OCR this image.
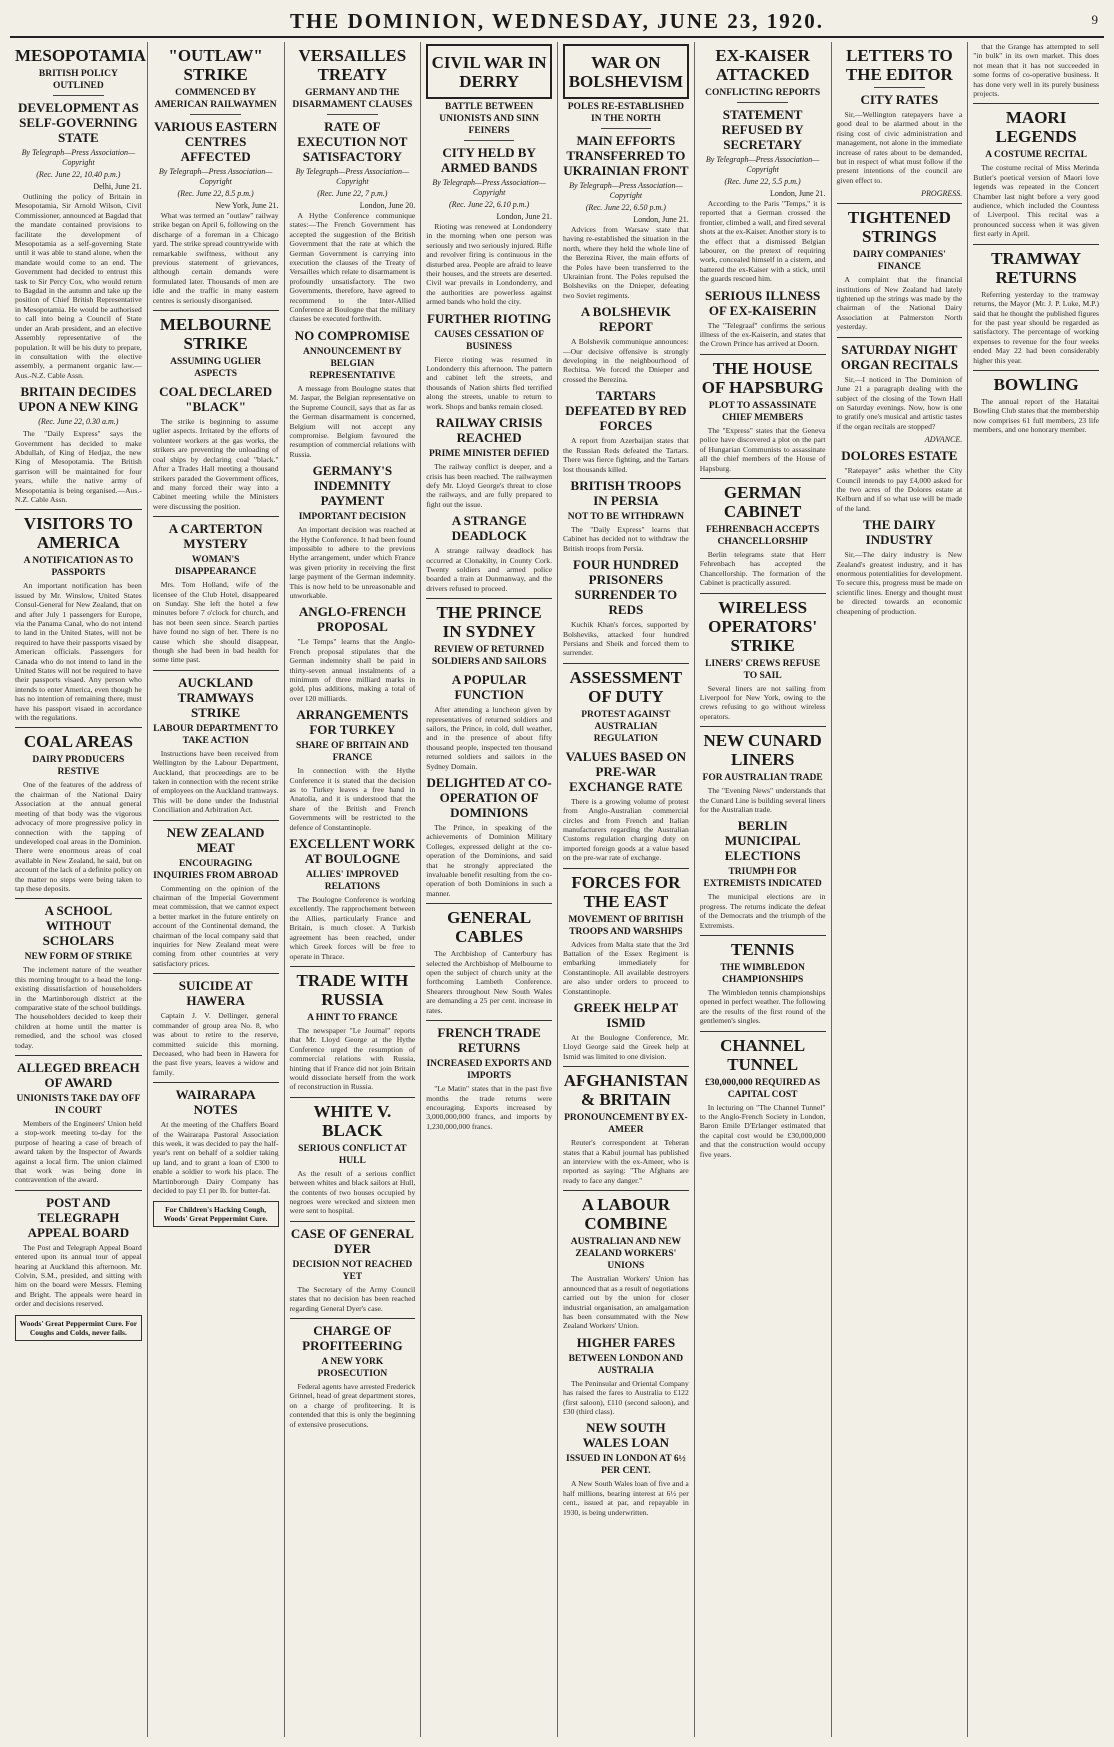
THE DOMINION, WEDNESDAY, JUNE 23, 1920.	9
MESOPOTAMIA
BRITISH POLICY OUTLINED
DEVELOPMENT AS SELF-GOVERNING STATE
By Telegraph—Press Association—Copyright
(Rec. June 22, 10.40 p.m.)
Delhi, June 21.
Outlining the policy of Britain in Mesopotamia, Sir Arnold Wilson, Civil Commissioner, announced at Bagdad that the mandate contained provisions to facilitate the development of Mesopotamia as a self-governing State until it was able to stand alone, when the mandate would come to an end. The Government had decided to entrust this task to Sir Percy Cox, who would return to Bagdad in the autumn and take up the position of Chief British Representative in Mesopotamia. He would be authorised to call into being a Council of State under an Arab president, and an elective Assembly representative of the population. It will be his duty to prepare, in consultation with the elective assembly, a permanent organic law.—Aus.-N.Z. Cable Assn.
BRITAIN DECIDES UPON A NEW KING
(Rec. June 22, 0.30 a.m.)
The "Daily Express" says the Government has decided to make Abdullah, of King of Hedjaz, the new King of Mesopotamia. The British garrison will be maintained for four years, while the native army of Mesopotamia is being organised.—Aus.-N.Z. Cable Assn.
VISITORS TO AMERICA
A NOTIFICATION AS TO PASSPORTS
An important notification has been issued by Mr. Winslow, United States Consul-General for New Zealand, that on and after July 1 passengers for Europe, via the Panama Canal, who do not intend to land in the United States, will not be required to have their passports visaed by American officials. Passengers for Canada who do not intend to land in the United States will not be required to have their passports visaed. Any person who intends to enter America, even though he has no intention of remaining there, must have his passport visaed in accordance with the regulations.
COAL AREAS
DAIRY PRODUCERS RESTIVE
One of the features of the address of the chairman of the National Dairy Association at the annual general meeting of that body was the vigorous advocacy of more progressive policy in connection with the tapping of undeveloped coal areas in the Dominion. There were enormous areas of coal available in New Zealand, he said, but on account of the lack of a definite policy on the matter no steps were being taken to tap these deposits.
A SCHOOL WITHOUT SCHOLARS
NEW FORM OF STRIKE
The inclement nature of the weather this morning brought to a head the long-existing dissatisfaction of householders in the Martinborough district at the comparative state of the school buildings. The householders decided to keep their children at home until the matter is remedied, and the school was closed today.
ALLEGED BREACH OF AWARD
UNIONISTS TAKE DAY OFF IN COURT
Members of the Engineers' Union held a stop-work meeting to-day for the purpose of hearing a case of breach of award taken by the Inspector of Awards against a local firm. The union claimed that work was being done in contravention of the award.
POST AND TELEGRAPH APPEAL BOARD
The Post and Telegraph Appeal Board entered upon its annual tour of appeal hearing at Auckland this afternoon. Mr. Colvin, S.M., presided, and sitting with him on the board were Messrs. Fleming and Bright. The appeals were heard in order and decisions reserved.
Woods' Great Peppermint Cure. For Coughs and Colds, never fails.
"OUTLAW" STRIKE
COMMENCED BY AMERICAN RAILWAYMEN
VARIOUS EASTERN CENTRES AFFECTED
By Telegraph—Press Association—Copyright
(Rec. June 22, 8.5 p.m.)
New York, June 21.
What was termed an "outlaw" railway strike began on April 6, following on the discharge of a foreman in a Chicago yard. The strike spread countrywide with remarkable swiftness, without any previous statement of grievances, although certain demands were formulated later. Thousands of men are idle and the traffic in many eastern centres is seriously disorganised.
MELBOURNE STRIKE
ASSUMING UGLIER ASPECTS
COAL DECLARED "BLACK"
The strike is beginning to assume uglier aspects. Irritated by the efforts of volunteer workers at the gas works, the strikers are preventing the unloading of coal ships by declaring coal "black." After a Trades Hall meeting a thousand strikers paraded the Government offices, and many forced their way into a Cabinet meeting while the Ministers were discussing the position.
A CARTERTON MYSTERY
WOMAN'S DISAPPEARANCE
Mrs. Tom Holland, wife of the licensee of the Club Hotel, disappeared on Sunday. She left the hotel a few minutes before 7 o'clock for church, and has not been seen since. Search parties have found no sign of her. There is no cause which she should disappear, though she had been in bad health for some time past.
AUCKLAND TRAMWAYS STRIKE
LABOUR DEPARTMENT TO TAKE ACTION
Instructions have been received from Wellington by the Labour Department, Auckland, that proceedings are to be taken in connection with the recent strike of employees on the Auckland tramways. This will be done under the Industrial Conciliation and Arbitration Act.
NEW ZEALAND MEAT
ENCOURAGING INQUIRIES FROM ABROAD
Commenting on the opinion of the chairman of the Imperial Government meat commission, that we cannot expect a better market in the future entirely on account of the Continental demand, the chairman of the local company said that inquiries for New Zealand meat were coming from other countries at very satisfactory prices.
SUICIDE AT HAWERA
Captain J. V. Dellinger, general commander of group area No. 8, who was about to retire to the reserve, committed suicide this morning. Deceased, who had been in Hawera for the past five years, leaves a widow and family.
WAIRARAPA NOTES
At the meeting of the Chaffers Board of the Wairarapa Pastoral Association this week, it was decided to pay the half-year's rent on behalf of a soldier taking up land, and to grant a loan of £300 to enable a soldier to work his place. The Martinborough Dairy Company has decided to pay £1 per lb. for butter-fat.
For Children's Hacking Cough, Woods' Great Peppermint Cure.
VERSAILLES TREATY
GERMANY AND THE DISARMAMENT CLAUSES
RATE OF EXECUTION NOT SATISFACTORY
By Telegraph—Press Association—Copyright
(Rec. June 22, 7 p.m.)
London, June 20.
A Hythe Conference communique states:—The French Government has accepted the suggestion of the British Government that the rate at which the German Government is carrying into execution the clauses of the Treaty of Versailles which relate to disarmament is profoundly unsatisfactory. The two Governments, therefore, have agreed to recommend to the Inter-Allied Conference at Boulogne that the military clauses be executed forthwith.
NO COMPROMISE
ANNOUNCEMENT BY BELGIAN REPRESENTATIVE
A message from Boulogne states that M. Jaspar, the Belgian representative on the Supreme Council, says that as far as the German disarmament is concerned, Belgium will not accept any compromise. Belgium favoured the resumption of commercial relations with Russia.
GERMANY'S INDEMNITY PAYMENT
IMPORTANT DECISION
An important decision was reached at the Hythe Conference. It had been found impossible to adhere to the previous Hythe arrangement, under which France was given priority in receiving the first large payment of the German indemnity. This is now held to be unreasonable and unworkable.
ANGLO-FRENCH PROPOSAL
"Le Temps" learns that the Anglo-French proposal stipulates that the German indemnity shall be paid in thirty-seven annual instalments of a minimum of three milliard marks in gold, plus additions, making a total of over 120 milliards.
ARRANGEMENTS FOR TURKEY
SHARE OF BRITAIN AND FRANCE
In connection with the Hythe Conference it is stated that the decision as to Turkey leaves a free hand in Anatolia, and it is understood that the share of the British and French Governments will be restricted to the defence of Constantinople.
EXCELLENT WORK AT BOULOGNE
ALLIES' IMPROVED RELATIONS
The Boulogne Conference is working excellently. The rapprochement between the Allies, particularly France and Britain, is much closer. A Turkish agreement has been reached, under which Greek forces will be free to operate in Thrace.
TRADE WITH RUSSIA
A HINT TO FRANCE
The newspaper "Le Journal" reports that Mr. Lloyd George at the Hythe Conference urged the resumption of commercial relations with Russia, hinting that if France did not join Britain would dissociate herself from the work of reconstruction in Russia.
WHITE V. BLACK
SERIOUS CONFLICT AT HULL
As the result of a serious conflict between whites and black sailors at Hull, the contents of two houses occupied by negroes were wrecked and sixteen men were sent to hospital.
CASE OF GENERAL DYER
DECISION NOT REACHED YET
The Secretary of the Army Council states that no decision has been reached regarding General Dyer's case.
CHARGE OF PROFITEERING
A NEW YORK PROSECUTION
Federal agents have arrested Frederick Grinnel, head of great department stores, on a charge of profiteering. It is contended that this is only the beginning of extensive prosecutions.
CIVIL WAR IN DERRY
BATTLE BETWEEN UNIONISTS AND SINN FEINERS
CITY HELD BY ARMED BANDS
By Telegraph—Press Association—Copyright
(Rec. June 22, 6.10 p.m.)
London, June 21.
Rioting was renewed at Londonderry in the morning when one person was seriously and two seriously injured. Rifle and revolver firing is continuous in the disturbed area. People are afraid to leave their houses, and the streets are deserted. Civil war prevails in Londonderry, and the authorities are powerless against armed bands who hold the city.
FURTHER RIOTING
CAUSES CESSATION OF BUSINESS
Fierce rioting was resumed in Londonderry this afternoon. The pattern and cabinet left the streets, and thousands of Nation shirts fled terrified along the streets, unable to return to work. Shops and banks remain closed.
RAILWAY CRISIS REACHED
PRIME MINISTER DEFIED
The railway conflict is deeper, and a crisis has been reached. The railwaymen defy Mr. Lloyd George's threat to close the railways, and are fully prepared to fight out the issue.
A STRANGE DEADLOCK
A strange railway deadlock has occurred at Clonakilty, in County Cork. Twenty soldiers and armed police boarded a train at Dunmanway, and the drivers refused to proceed.
THE PRINCE IN SYDNEY
REVIEW OF RETURNED SOLDIERS AND SAILORS
A POPULAR FUNCTION
After attending a luncheon given by representatives of returned soldiers and sailors, the Prince, in cold, dull weather, and in the presence of about fifty thousand people, inspected ten thousand returned soldiers and sailors in the Sydney Domain.
DELIGHTED AT CO-OPERATION OF DOMINIONS
The Prince, in speaking of the achievements of Dominion Military Colleges, expressed delight at the co-operation of the Dominions, and said that he strongly appreciated the invaluable benefit resulting from the co-operation of both Dominions in such a manner.
GENERAL CABLES
The Archbishop of Canterbury has selected the Archbishop of Melbourne to open the subject of church unity at the forthcoming Lambeth Conference. Shearers throughout New South Wales are demanding a 25 per cent. increase in rates.
FRENCH TRADE RETURNS
INCREASED EXPORTS AND IMPORTS
"Le Matin" states that in the past five months the trade returns were encouraging. Exports increased by 3,000,000,000 francs, and imports by 1,230,000,000 francs.
WAR ON BOLSHEVISM
POLES RE-ESTABLISHED IN THE NORTH
MAIN EFFORTS TRANSFERRED TO UKRAINIAN FRONT
By Telegraph—Press Association—Copyright
(Rec. June 22, 6.50 p.m.)
London, June 21.
Advices from Warsaw state that having re-established the situation in the north, where they held the whole line of the Berezina River, the main efforts of the Poles have been transferred to the Ukrainian front. The Poles repulsed the Bolsheviks on the Dnieper, defeating two Soviet regiments.
A BOLSHEVIK REPORT
A Bolshevik communique announces:—Our decisive offensive is strongly developing in the neighbourhood of Rechitsa. We forced the Dnieper and crossed the Berezina.
TARTARS DEFEATED BY RED FORCES
A report from Azerbaijan states that the Russian Reds defeated the Tartars. There was fierce fighting, and the Tartars lost thousands killed.
BRITISH TROOPS IN PERSIA
NOT TO BE WITHDRAWN
The "Daily Express" learns that Cabinet has decided not to withdraw the British troops from Persia.
FOUR HUNDRED PRISONERS SURRENDER TO REDS
Kuchik Khan's forces, supported by Bolsheviks, attacked four hundred Persians and Sheik and forced them to surrender.
ASSESSMENT OF DUTY
PROTEST AGAINST AUSTRALIAN REGULATION
VALUES BASED ON PRE-WAR EXCHANGE RATE
There is a growing volume of protest from Anglo-Australian commercial circles and from French and Italian manufacturers regarding the Australian Customs regulation charging duty on imported foreign goods at a value based on the pre-war rate of exchange.
FORCES FOR THE EAST
MOVEMENT OF BRITISH TROOPS AND WARSHIPS
Advices from Malta state that the 3rd Battalion of the Essex Regiment is embarking immediately for Constantinople. All available destroyers are also under orders to proceed to Constantinople.
GREEK HELP AT ISMID
At the Boulogne Conference, Mr. Lloyd George said the Greek help at Ismid was limited to one division.
AFGHANISTAN & BRITAIN
PRONOUNCEMENT BY EX-AMEER
Reuter's correspondent at Teheran states that a Kabul journal has published an interview with the ex-Ameer, who is reported as saying: "The Afghans are ready to face any danger."
A LABOUR COMBINE
AUSTRALIAN AND NEW ZEALAND WORKERS' UNIONS
The Australian Workers' Union has announced that as a result of negotiations carried out by the union for closer industrial organisation, an amalgamation has been consummated with the New Zealand Workers' Union.
HIGHER FARES
BETWEEN LONDON AND AUSTRALIA
The Peninsular and Oriental Company has raised the fares to Australia to £122 (first saloon), £110 (second saloon), and £30 (third class).
NEW SOUTH WALES LOAN
ISSUED IN LONDON AT 6½ PER CENT.
A New South Wales loan of five and a half millions, bearing interest at 6½ per cent., issued at par, and repayable in 1930, is being underwritten.
EX-KAISER ATTACKED
CONFLICTING REPORTS
STATEMENT REFUSED BY SECRETARY
By Telegraph—Press Association—Copyright
(Rec. June 22, 5.5 p.m.)
London, June 21.
According to the Paris "Temps," it is reported that a German crossed the frontier, climbed a wall, and fired several shots at the ex-Kaiser. Another story is to the effect that a dismissed Belgian labourer, on the pretext of requiring work, concealed himself in a cistern, and battered the ex-Kaiser with a stick, until the guards rescued him.
SERIOUS ILLNESS OF EX-KAISERIN
The "Telegraaf" confirms the serious illness of the ex-Kaiserin, and states that the Crown Prince has arrived at Doorn.
THE HOUSE OF HAPSBURG
PLOT TO ASSASSINATE CHIEF MEMBERS
The "Express" states that the Geneva police have discovered a plot on the part of Hungarian Communists to assassinate all the chief members of the House of Hapsburg.
GERMAN CABINET
FEHRENBACH ACCEPTS CHANCELLORSHIP
Berlin telegrams state that Herr Fehrenbach has accepted the Chancellorship. The formation of the Cabinet is practically assured.
WIRELESS OPERATORS' STRIKE
LINERS' CREWS REFUSE TO SAIL
Several liners are not sailing from Liverpool for New York, owing to the crews refusing to go without wireless operators.
NEW CUNARD LINERS
FOR AUSTRALIAN TRADE
The "Evening News" understands that the Cunard Line is building several liners for the Australian trade.
BERLIN MUNICIPAL ELECTIONS
TRIUMPH FOR EXTREMISTS INDICATED
The municipal elections are in progress. The returns indicate the defeat of the Democrats and the triumph of the Extremists.
TENNIS
THE WIMBLEDON CHAMPIONSHIPS
The Wimbledon tennis championships opened in perfect weather. The following are the results of the first round of the gentlemen's singles.
CHANNEL TUNNEL
£30,000,000 REQUIRED AS CAPITAL COST
In lecturing on "The Channel Tunnel" to the Anglo-French Society in London, Baron Emile D'Erlanger estimated that the capital cost would be £30,000,000 and that the construction would occupy five years.
LETTERS TO THE EDITOR
CITY RATES
Sir,—Wellington ratepayers have a good deal to be alarmed about in the rising cost of civic administration and management, not alone in the immediate increase of rates about to be demanded, but in respect of what must follow if the present intentions of the council are given effect to.
PROGRESS.
TIGHTENED STRINGS
DAIRY COMPANIES' FINANCE
A complaint that the financial institutions of New Zealand had lately tightened up the strings was made by the chairman of the National Dairy Association at Palmerston North yesterday.
SATURDAY NIGHT ORGAN RECITALS
Sir,—I noticed in The Dominion of June 21 a paragraph dealing with the subject of the closing of the Town Hall on Saturday evenings. Now, how is one to gratify one's musical and artistic tastes if the organ recitals are stopped?
ADVANCE.
DOLORES ESTATE
"Ratepayer" asks whether the City Council intends to pay £4,000 asked for the two acres of the Dolores estate at Kelburn and if so what use will be made of the land.
THE DAIRY INDUSTRY
Sir,—The dairy industry is New Zealand's greatest industry, and it has enormous potentialities for development. To secure this, progress must be made on scientific lines. Energy and thought must be directed towards an economic cheapening of production.
that the Grange has attempted to sell "in bulk" in its own market. This does not mean that it has not succeeded in some forms of co-operative business. It has done very well in its purely business projects.
MAORI LEGENDS
A COSTUME RECITAL
The costume recital of Miss Merinda Butler's poetical version of Maori love legends was repeated in the Concert Chamber last night before a very good audience, which included the Countess of Liverpool. This recital was a pronounced success when it was given first early in April.
TRAMWAY RETURNS
Referring yesterday to the tramway returns, the Mayor (Mr. J. P. Luke, M.P.) said that he thought the published figures for the past year should be regarded as satisfactory. The percentage of working expenses to revenue for the four weeks ended May 22 had been considerably higher this year.
BOWLING
The annual report of the Hataitai Bowling Club states that the membership now comprises 61 full members, 23 life members, and one honorary member.
